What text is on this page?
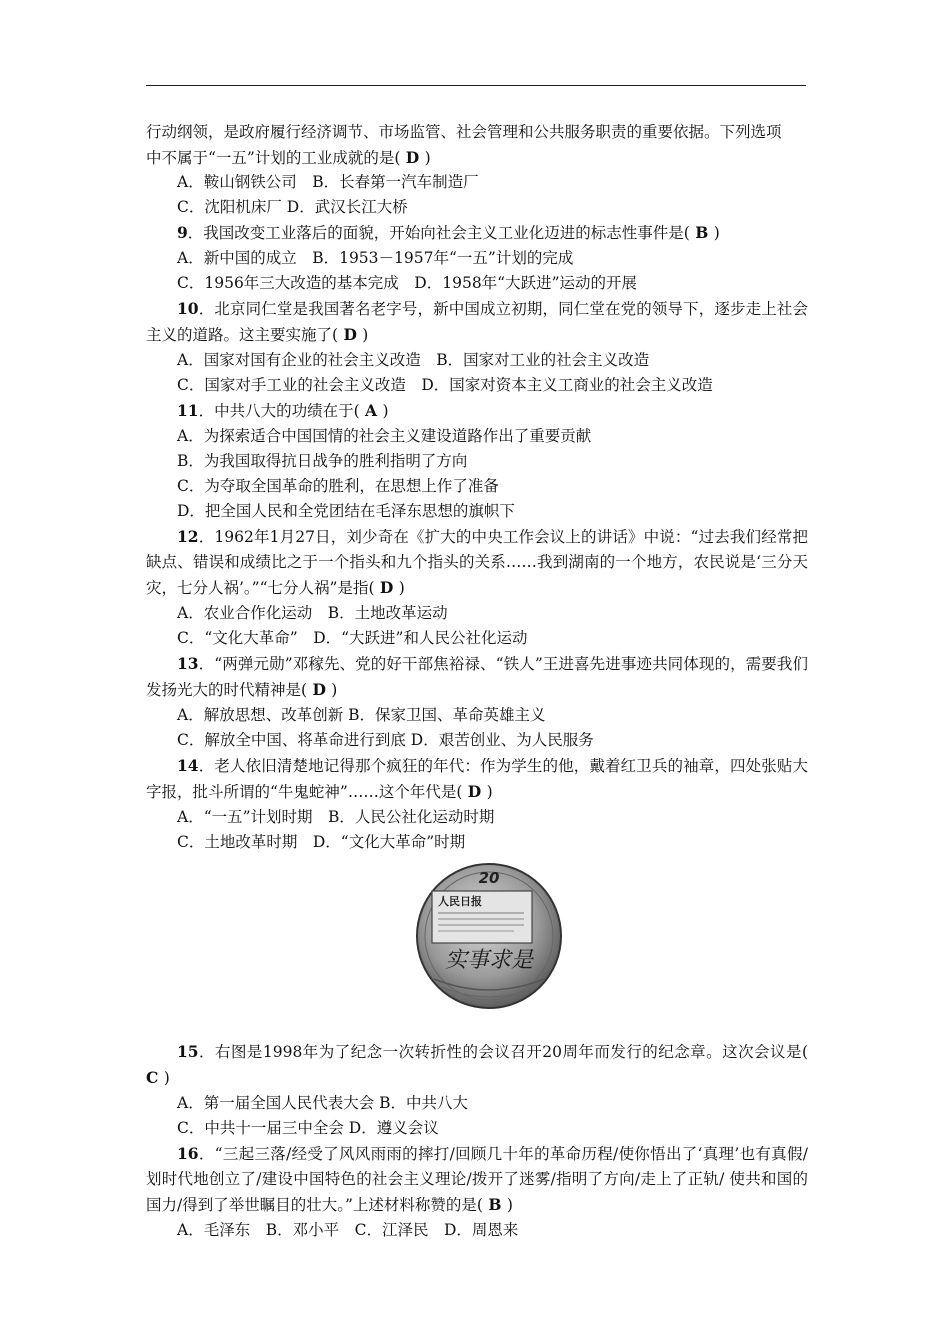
行动纲领，是政府履行经济调节、市场监管、社会管理和公共服务职责的重要依据。下列选项
中不属于“一五”计划的工业成就的是( D )
A．鞍山钢铁公司　B．长春第一汽车制造厂
C．沈阳机床厂 D．武汉长江大桥
9．我国改变工业落后的面貌，开始向社会主义工业化迈进的标志性事件是( B )
A．新中国的成立　B．1953－1957年“一五”计划的完成
C．1956年三大改造的基本完成　D．1958年“大跃进”运动的开展
10．北京同仁堂是我国著名老字号，新中国成立初期，同仁堂在党的领导下，逐步走上社会主义的道路。这主要实施了( D )
A．国家对国有企业的社会主义改造　B．国家对工业的社会主义改造
C．国家对手工业的社会主义改造　D．国家对资本主义工商业的社会主义改造
11．中共八大的功绩在于( A )
A．为探索适合中国国情的社会主义建设道路作出了重要贡献
B．为我国取得抗日战争的胜利指明了方向
C．为夺取全国革命的胜利，在思想上作了准备
D．把全国人民和全党团结在毛泽东思想的旗帜下
12．1962年1月27日，刘少奇在《扩大的中央工作会议上的讲话》中说：“过去我们经常把缺点、错误和成绩比之于一个指头和九个指头的关系……我到湖南的一个地方，农民说是‘三分天灾，七分人祸’。”“七分人祸”是指( D )
A．农业合作化运动　B．土地改革运动
C．“文化大革命”　D．“大跃进”和人民公社化运动
13．“两弹元勋”邓稼先、党的好干部焦裕禄、“铁人”王进喜先进事迹共同体现的，需要我们发扬光大的时代精神是( D )
A．解放思想、改革创新 B．保家卫国、革命英雄主义
C．解放全中国、将革命进行到底 D．艰苦创业、为人民服务
14．老人依旧清楚地记得那个疯狂的年代：作为学生的他，戴着红卫兵的袖章，四处张贴大字报，批斗所谓的“牛鬼蛇神”……这个年代是( D )
A．“一五”计划时期　B．人民公社化运动时期
C．土地改革时期　D．“文化大革命”时期
20
人民日报
实事求是
15．右图是1998年为了纪念一次转折性的会议召开20周年而发行的纪念章。这次会议是( C )
A．第一届全国人民代表大会 B．中共八大
C．中共十一届三中全会 D．遵义会议
16．“三起三落/经受了风风雨雨的摔打/回顾几十年的革命历程/使你悟出了‘真理’也有真假/划时代地创立了/建设中国特色的社会主义理论/拨开了迷雾/指明了方向/走上了正轨/ 使共和国的国力/得到了举世瞩目的壮大。”上述材料称赞的是( B )
A．毛泽东　B．邓小平　C．江泽民　D．周恩来
